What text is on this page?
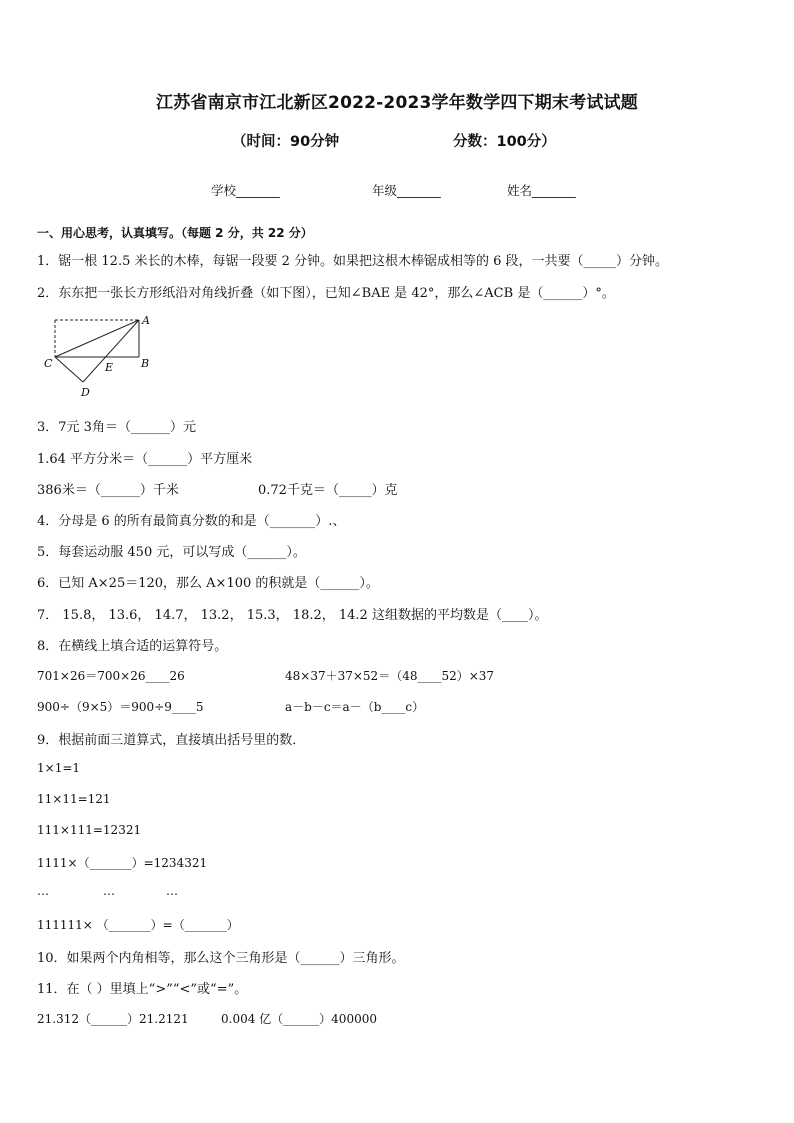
江苏省南京市江北新区2022-2023学年数学四下期末考试试题
（时间：90分钟	分数：100分）
学校_______	年级_______	姓名_______
一、用心思考，认真填写。（每题 2 分，共 22 分）
1．锯一根 12.5 米长的木棒，每锯一段要 2 分钟。如果把这根木棒锯成相等的 6 段，一共要（_____）分钟。
2．东东把一张长方形纸沿对角线折叠（如下图），已知∠BAE 是 42°，那么∠ACB 是（______）°。
A
B
C
D
E
3．7元 3角＝（______）元
1.64 平方分米＝（______）平方厘米
386米＝（______）千米	0.72千克＝（_____）克
4．分母是 6 的所有最简真分数的和是（_______）.、
5．每套运动服 450 元，可以写成（______）。
6．已知 A×25＝120，那么 A×100 的积就是（______）。
7． 15.8， 13.6， 14.7， 13.2， 15.3， 18.2， 14.2 这组数据的平均数是（____）。
8．在横线上填合适的运算符号。
701×26＝700×26____26	48×37＋37×52＝（48____52）×37
900÷（9×5）＝900÷9____5	a－b－c＝a－（b____c）
9．根据前面三道算式，直接填出括号里的数．
1×1=1
11×11=121
111×111=12321
1111×（_______）=1234321
…	…	…
111111× （_______）=（_______）
10．如果两个内角相等，那么这个三角形是（______）三角形。
11．在（ ）里填上“>”“<”或“=”。
21.312（______）21.2121	0.004 亿（______）400000
